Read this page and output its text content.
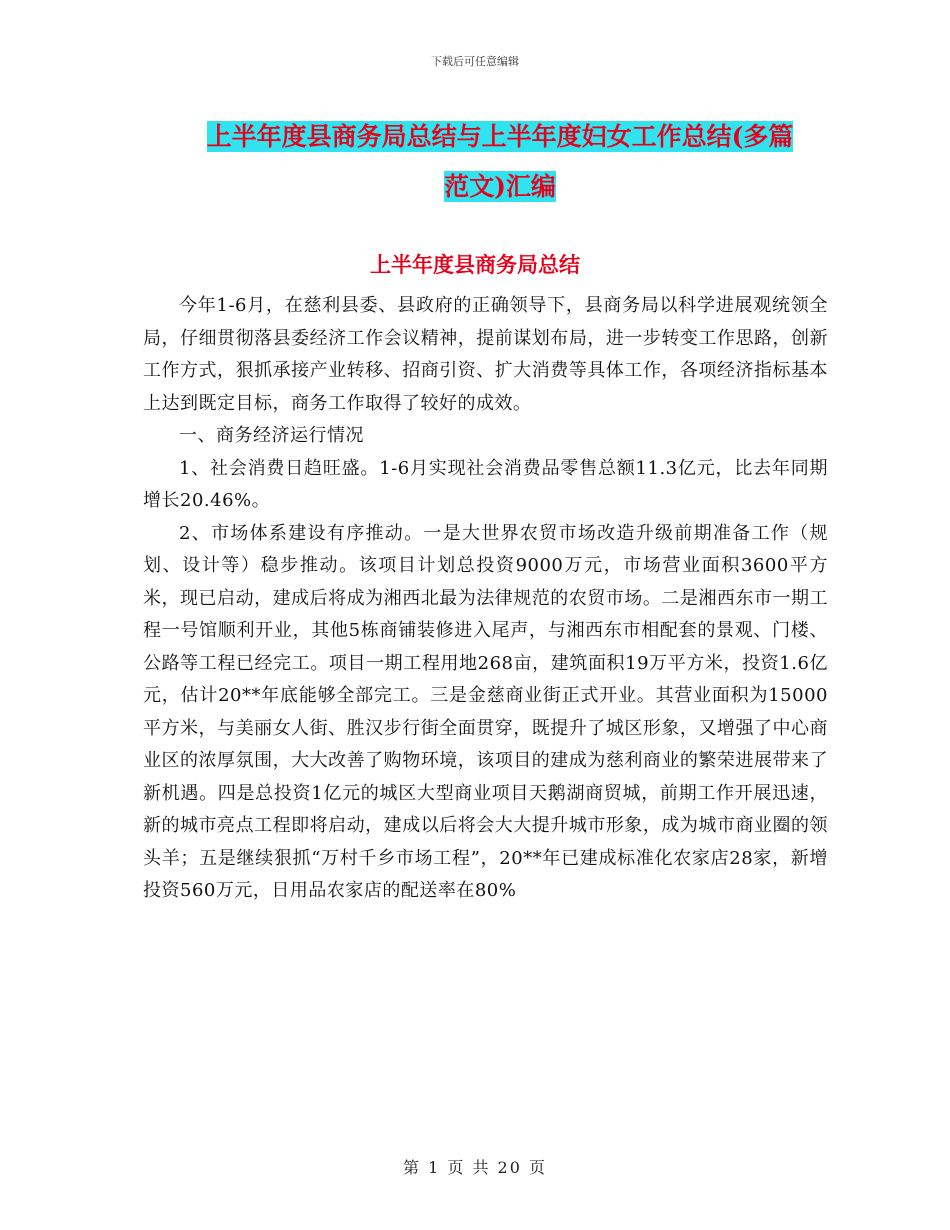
下载后可任意编辑
上半年度县商务局总结与上半年度妇女工作总结(多篇
范文)汇编
上半年度县商务局总结

今年1-6月，在慈利县委、县政府的正确领导下，县商务局以科学进展观统领全局，仔细贯彻落县委经济工作会议精神，提前谋划布局，进一步转变工作思路，创新工作方式，狠抓承接产业转移、招商引资、扩大消费等具体工作，各项经济指标基本上达到既定目标，商务工作取得了较好的成效。

一、商务经济运行情况

1、社会消费日趋旺盛。1-6月实现社会消费品零售总额11.3亿元，比去年同期增长20.46%。

2、市场体系建设有序推动。一是大世界农贸市场改造升级前期准备工作（规划、设计等）稳步推动。该项目计划总投资9000万元，市场营业面积3600平方米，现已启动，建成后将成为湘西北最为法律规范的农贸市场。二是湘西东市一期工程一号馆顺利开业，其他5栋商铺装修进入尾声，与湘西东市相配套的景观、门楼、公路等工程已经完工。项目一期工程用地268亩，建筑面积19万平方米，投资1.6亿元，估计20**年底能够全部完工。三是金慈商业街正式开业。其营业面积为15000平方米，与美丽女人街、胜汉步行街全面贯穿，既提升了城区形象，又增强了中心商业区的浓厚氛围，大大改善了购物环境，该项目的建成为慈利商业的繁荣进展带来了新机遇。四是总投资1亿元的城区大型商业项目天鹅湖商贸城，前期工作开展迅速，新的城市亮点工程即将启动，建成以后将会大大提升城市形象，成为城市商业圈的领头羊；五是继续狠抓“万村千乡市场工程”，20**年已建成标准化农家店28家，新增投资560万元，日用品农家店的配送率在80%

第 1 页 共 20 页
